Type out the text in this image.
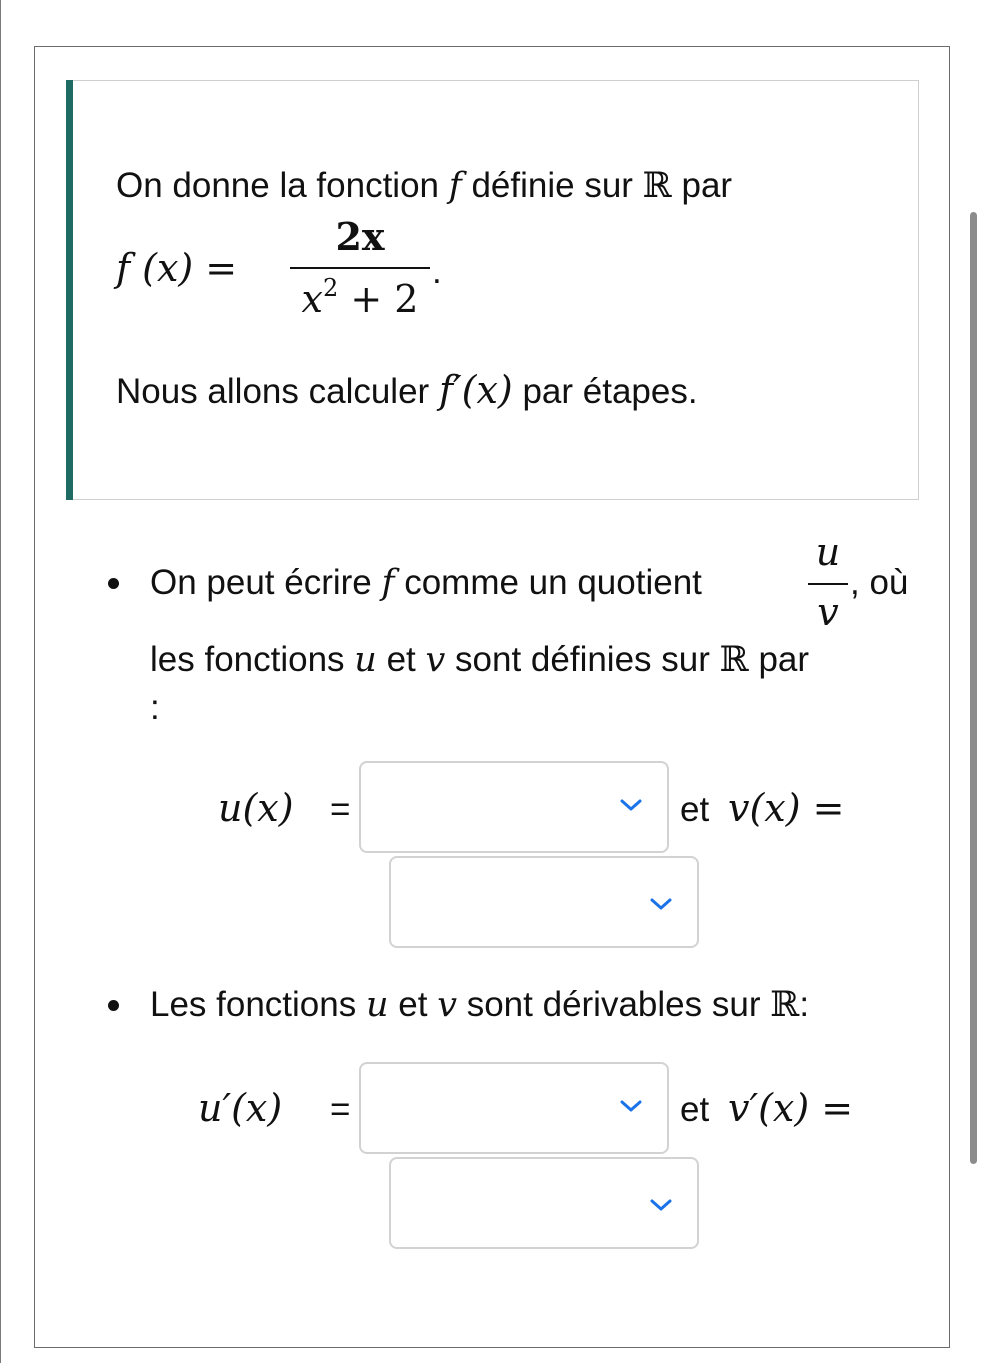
On donne la fonction f définie sur ℝ par
f (x) =
2x
$x^2 + 2$
.
Nous allons calculer f′(x) par étapes.
On peut écrire f comme un quotient
u
v
, où
les fonctions u et v sont définies sur ℝ par
:
u(x) =	et v(x) =
Les fonctions u et v sont dérivables sur ℝ:
u′(x) =	et v′(x) =
